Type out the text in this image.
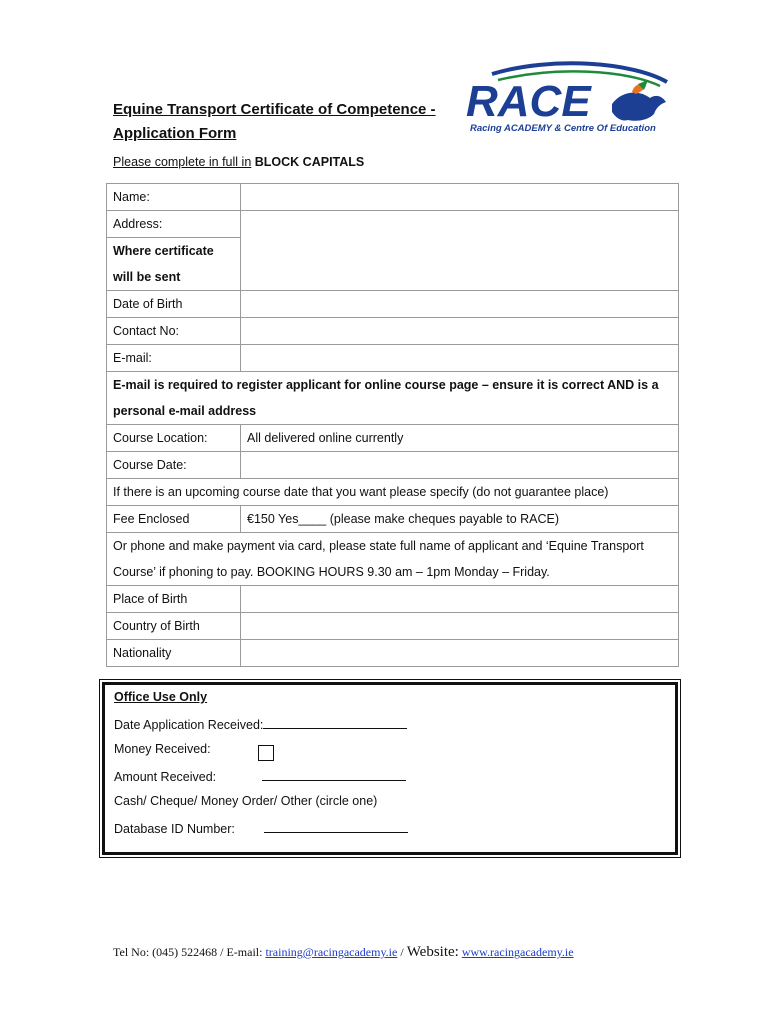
Equine Transport Certificate of Competence -
Application Form
RACE
Racing ACADEMY & Centre Of Education
Please complete in full in BLOCK CAPITALS
Name:	
Address:	
Where certificate	
will be sent	
Date of Birth	
Contact No:	
E-mail:	

E-mail is required to register applicant for online course page – ensure it is correct AND is a
personal e-mail address	

Course Location:	All delivered online currently
Course Date:	
If there is an upcoming course date that you want please specify (do not guarantee place)	
Fee Enclosed	€150 Yes____ (please make cheques payable to RACE)

Or phone and make payment via card, please state full name of applicant and ‘Equine Transport
Course’ if phoning to pay. BOOKING HOURS 9.30 am – 1pm Monday – Friday.	

Place of Birth	
Country of Birth	
Nationality	
Office Use Only
Date Application Received:
Money Received:
Amount Received:
Cash/ Cheque/ Money Order/ Other (circle one)
Database ID Number:
Tel No: (045) 522468 / E-mail: training@racingacademy.ie / Website: www.racingacademy.ie
